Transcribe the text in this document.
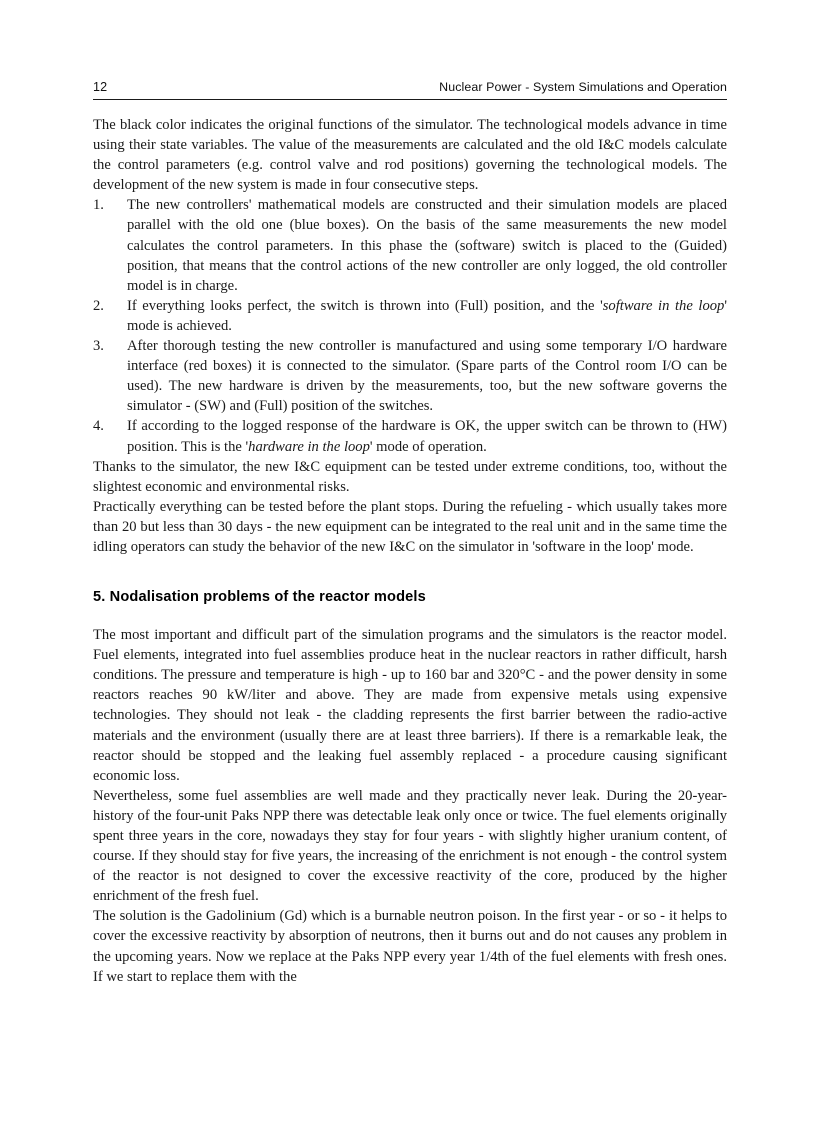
12	Nuclear Power - System Simulations and Operation

The black color indicates the original functions of the simulator. The technological models advance in time using their state variables. The value of the measurements are calculated and the old I&C models calculate the control parameters (e.g. control valve and rod positions) governing the technological models. The development of the new system is made in four consecutive steps.

1.	The new controllers' mathematical models are constructed and their simulation models are placed parallel with the old one (blue boxes). On the basis of the same measurements the new model calculates the control parameters. In this phase the (software) switch is placed to the (Guided) position, that means that the control actions of the new controller are only logged, the old controller model is in charge.
2.	If everything looks perfect, the switch is thrown into (Full) position, and the 'software in the loop' mode is achieved.
3.	After thorough testing the new controller is manufactured and using some temporary I/O hardware interface (red boxes) it is connected to the simulator. (Spare parts of the Control room I/O can be used). The new hardware is driven by the measurements, too, but the new software governs the simulator - (SW) and (Full) position of the switches.
4.	If according to the logged response of the hardware is OK, the upper switch can be thrown to (HW) position. This is the 'hardware in the loop' mode of operation.

Thanks to the simulator, the new I&C equipment can be tested under extreme conditions, too, without the slightest economic and environmental risks.

Practically everything can be tested before the plant stops. During the refueling - which usually takes more than 20 but less than 30 days - the new equipment can be integrated to the real unit and in the same time the idling operators can study the behavior of the new I&C on the simulator in 'software in the loop' mode.

5. Nodalisation problems of the reactor models

The most important and difficult part of the simulation programs and the simulators is the reactor model. Fuel elements, integrated into fuel assemblies produce heat in the nuclear reactors in rather difficult, harsh conditions. The pressure and temperature is high - up to 160 bar and 320°C - and the power density in some reactors reaches 90 kW/liter and above. They are made from expensive metals using expensive technologies. They should not leak - the cladding represents the first barrier between the radio-active materials and the environment (usually there are at least three barriers). If there is a remarkable leak, the reactor should be stopped and the leaking fuel assembly replaced - a procedure causing significant economic loss.

Nevertheless, some fuel assemblies are well made and they practically never leak. During the 20-year-history of the four-unit Paks NPP there was detectable leak only once or twice. The fuel elements originally spent three years in the core, nowadays they stay for four years - with slightly higher uranium content, of course. If they should stay for five years, the increasing of the enrichment is not enough - the control system of the reactor is not designed to cover the excessive reactivity of the core, produced by the higher enrichment of the fresh fuel.

The solution is the Gadolinium (Gd) which is a burnable neutron poison. In the first year - or so - it helps to cover the excessive reactivity by absorption of neutrons, then it burns out and do not causes any problem in the upcoming years. Now we replace at the Paks NPP every year 1/4th of the fuel elements with fresh ones. If we start to replace them with the
